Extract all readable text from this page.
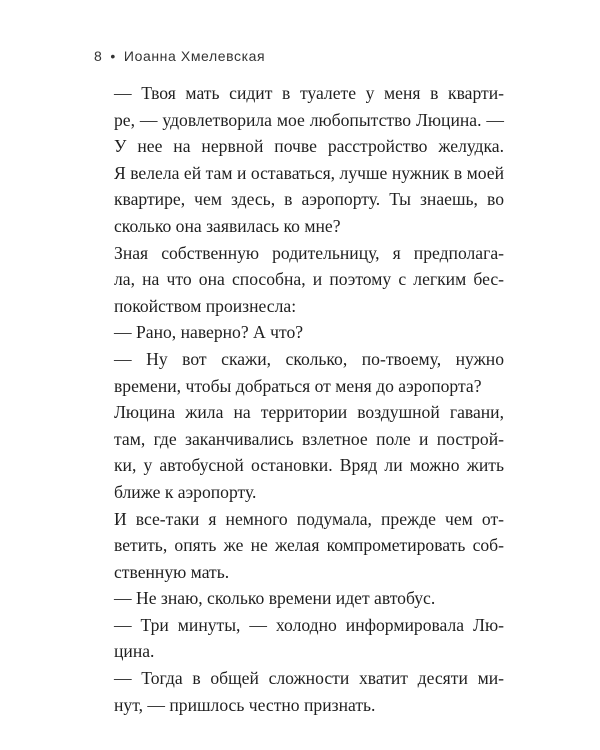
8 • Иоанна Хмелевская

— Твоя мать сидит в туалете у меня в кварти-
ре, — удовлетворила мое любопытство Люцина. —
У нее на нервной почве расстройство желудка.
Я велела ей там и оставаться, лучше нужник в моей
квартире, чем здесь, в аэропорту. Ты знаешь, во
сколько она заявилась ко мне?

Зная собственную родительницу, я предполага-
ла, на что она способна, и поэтому с легким бес-
покойством произнесла:

— Рано, наверно? А что?

— Ну вот скажи, сколько, по-твоему, нужно
времени, чтобы добраться от меня до аэропорта?

Люцина жила на территории воздушной гавани,
там, где заканчивались взлетное поле и построй-
ки, у автобусной остановки. Вряд ли можно жить
ближе к аэропорту.

И все-таки я немного подумала, прежде чем от-
ветить, опять же не желая компрометировать соб-
ственную мать.

— Не знаю, сколько времени идет автобус.

— Три минуты, — холодно информировала Лю-
цина.

— Тогда в общей сложности хватит десяти ми-
нут, — пришлось честно признать.
